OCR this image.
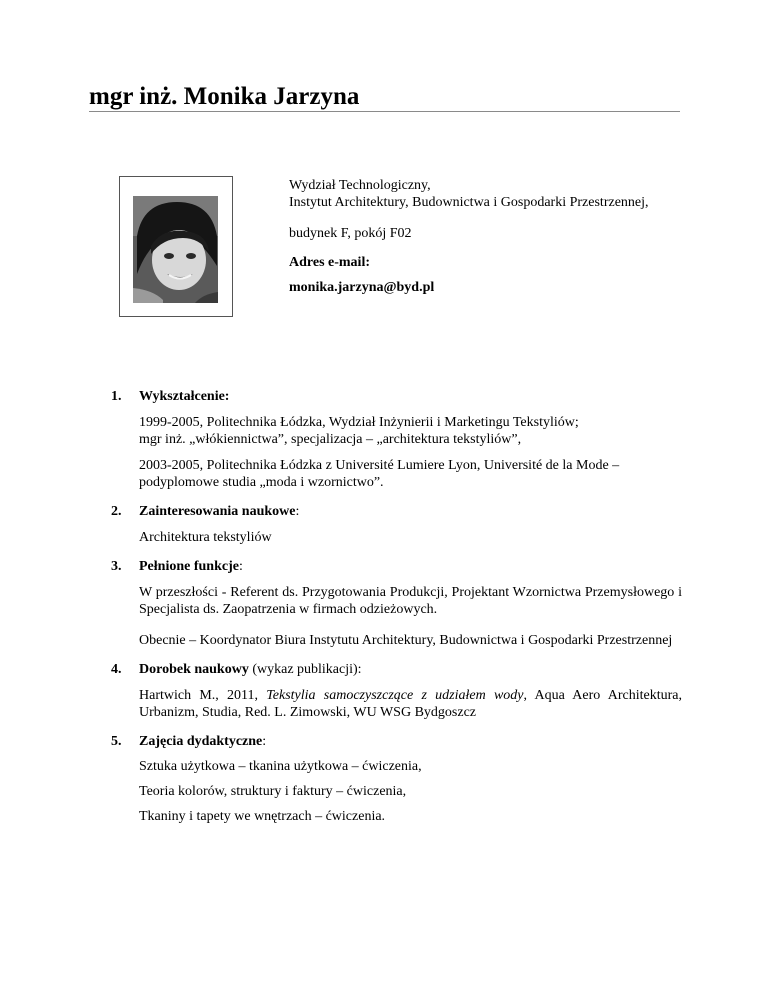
mgr inż. Monika Jarzyna

Wydział Technologiczny,

Instytut Architektury, Budownictwa i Gospodarki Przestrzennej,

budynek F, pokój F02

Adres e-mail:

monika.jarzyna@byd.pl

1. Wykształcenie:

1999-2005, Politechnika Łódzka, Wydział Inżynierii i Marketingu Tekstyliów;

mgr inż. „włókiennictwa”, specjalizacja – „architektura tekstyliów”,

2003-2005, Politechnika Łódzka z Université Lumiere Lyon, Université de la Mode –

podyplomowe studia „moda i wzornictwo”.

2. Zainteresowania naukowe:

Architektura tekstyliów

3. Pełnione funkcje:

W przeszłości - Referent ds. Przygotowania Produkcji, Projektant Wzornictwa Przemysłowego i Specjalista ds. Zaopatrzenia w firmach odzieżowych.

Obecnie – Koordynator Biura Instytutu Architektury, Budownictwa i Gospodarki Przestrzennej

4. Dorobek naukowy (wykaz publikacji):

Hartwich M., 2011, Tekstylia samoczyszczące z udziałem wody, Aqua Aero Architektura, Urbanizm, Studia, Red. L. Zimowski, WU WSG Bydgoszcz

5. Zajęcia dydaktyczne:

Sztuka użytkowa – tkanina użytkowa – ćwiczenia,

Teoria kolorów, struktury i faktury – ćwiczenia,

Tkaniny i tapety we wnętrzach – ćwiczenia.
